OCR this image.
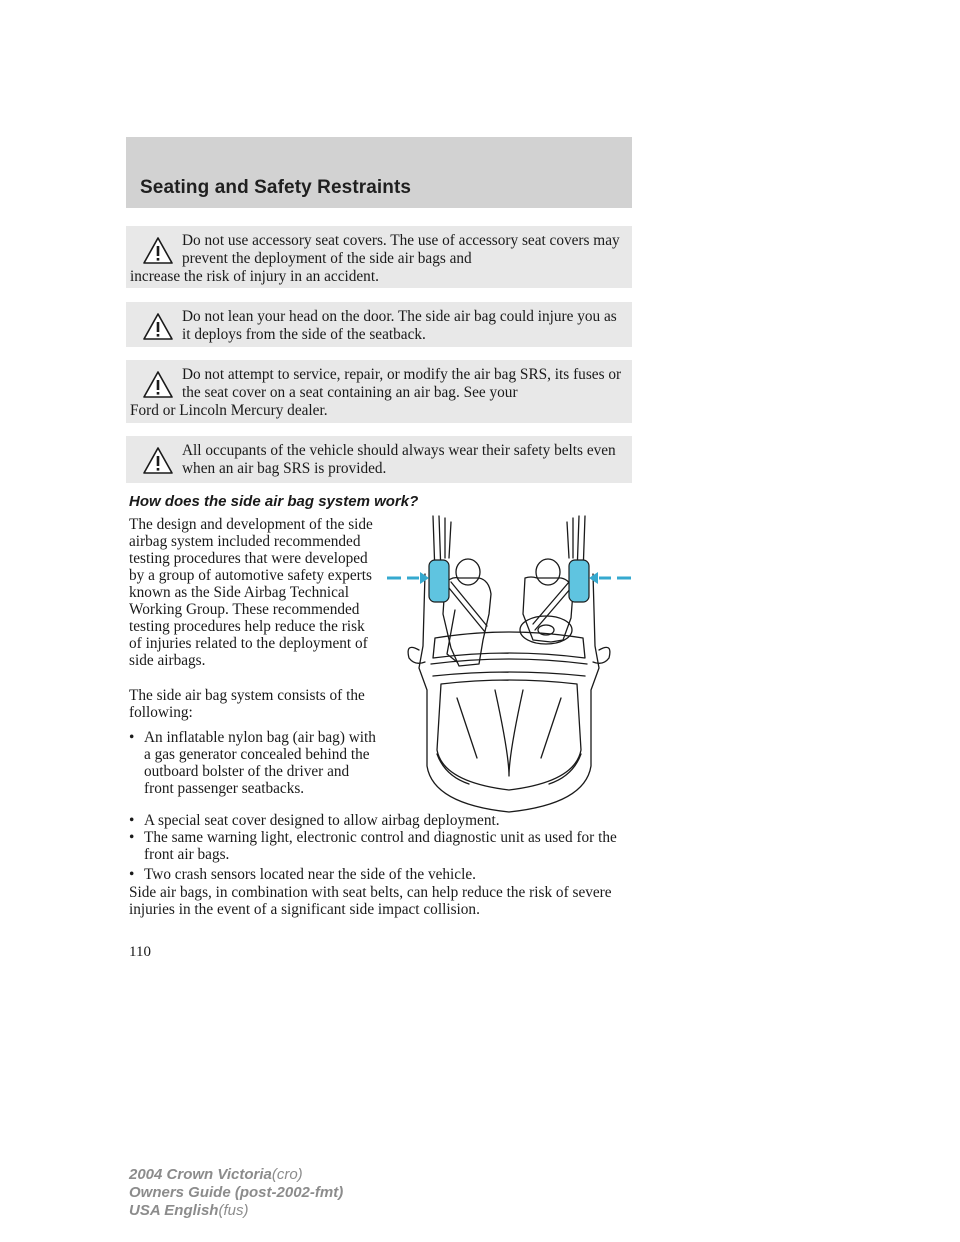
Seating and Safety Restraints
Do not use accessory seat covers. The use of accessory seat covers may prevent the deployment of the side air bags and
increase the risk of injury in an accident.
Do not lean your head on the door. The side air bag could injure you as it deploys from the side of the seatback.
Do not attempt to service, repair, or modify the air bag SRS, its fuses or the seat cover on a seat containing an air bag. See your
Ford or Lincoln Mercury dealer.
All occupants of the vehicle should always wear their safety belts even when an air bag SRS is provided.
How does the side air bag system work?

The design and development of the side airbag system included recommended testing procedures that were developed by a group of automotive safety experts known as the Side Airbag Technical Working Group. These recommended testing procedures help reduce the risk of injuries related to the deployment of side airbags.

The side air bag system consists of the following:

• An inflatable nylon bag (air bag) with a gas generator concealed behind the outboard bolster of the driver and front passenger seatbacks.
• A special seat cover designed to allow airbag deployment.
• The same warning light, electronic control and diagnostic unit as used for the front air bags.
• Two crash sensors located near the side of the vehicle.

Side air bags, in combination with seat belts, can help reduce the risk of severe injuries in the event of a significant side impact collision.

110
2004 Crown Victoria(cro)
Owners Guide (post-2002-fmt)
USA English(fus)
